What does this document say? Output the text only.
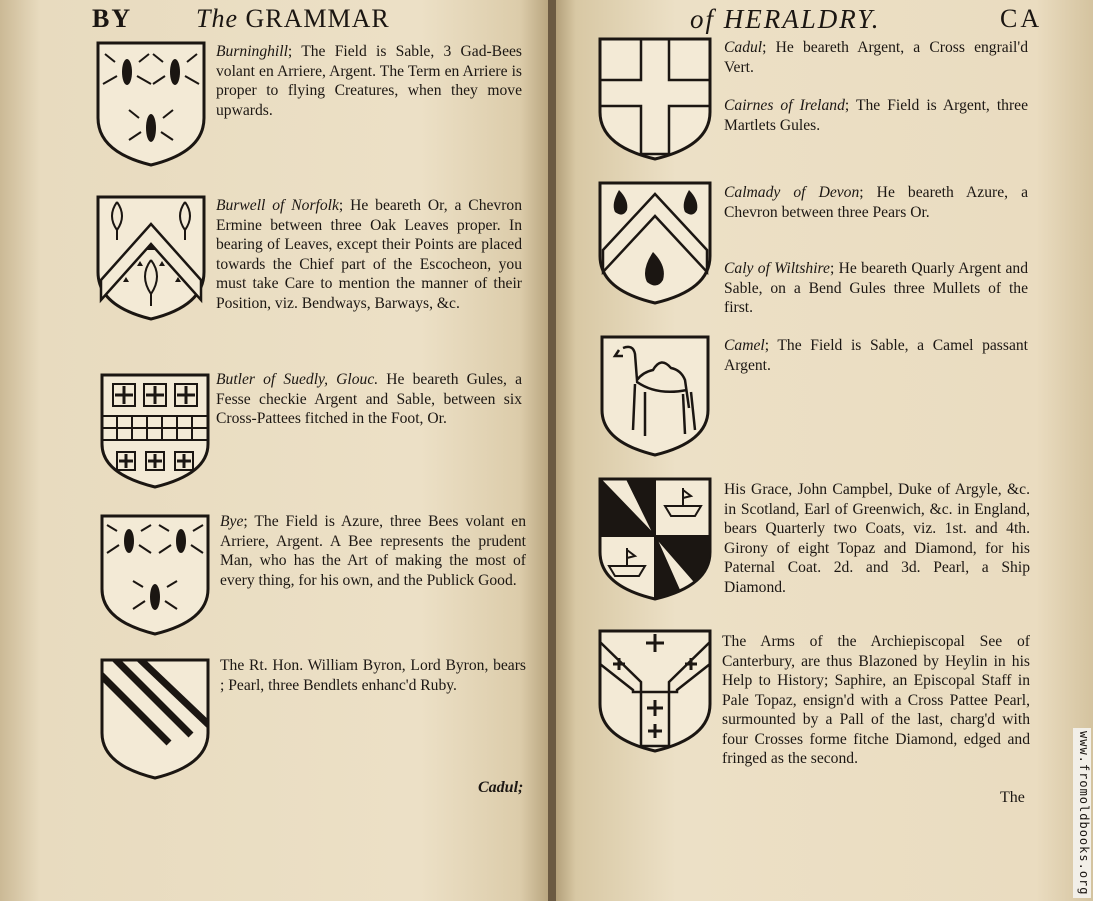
BY The GRAMMAR	of HERALDRY.	CA
Burninghill; The Field is Sable, 3 Gad-Bees volant en Arriere, Argent. The Term en Arriere is proper to flying Creatures, when they move upwards.
Burwell of Norfolk; He beareth Or, a Chevron Ermine between three Oak Leaves proper. In bearing of Leaves, except their Points are placed towards the Chief part of the Escocheon, you must take Care to mention the manner of their Position, viz. Bendways, Barways, &c.
Butler of Suedly, Glouc. He beareth Gules, a Fesse checkie Argent and Sable, between six Cross-Pattees fitched in the Foot, Or.
Bye; The Field is Azure, three Bees volant en Arriere, Argent. A Bee represents the prudent Man, who has the Art of making the most of every thing, for his own, and the Publick Good.
The Rt. Hon. William Byron, Lord Byron, bears ; Pearl, three Bendlets enhanc'd Ruby.
Cadul;
Cadul; He beareth Argent, a Cross engrail'd Vert.
Cairnes of Ireland; The Field is Argent, three Martlets Gules.
Calmady of Devon; He beareth Azure, a Chevron between three Pears Or.
Caly of Wiltshire; He beareth Quarly Argent and Sable, on a Bend Gules three Mullets of the first.
Camel; The Field is Sable, a Camel passant Argent.
His Grace, John Campbel, Duke of Argyle, &c. in Scotland, Earl of Greenwich, &c. in England, bears Quarterly two Coats, viz. 1st. and 4th. Girony of eight Topaz and Diamond, for his Paternal Coat. 2d. and 3d. Pearl, a Ship Diamond.
The Arms of the Archiepiscopal See of Canterbury, are thus Blazoned by Heylin in his Help to History; Saphire, an Episcopal Staff in Pale Topaz, ensign'd with a Cross Pattee Pearl, surmounted by a Pall of the last, charg'd with four Crosses forme fitche Diamond, edged and fringed as the second.
The	www.fromoldbooks.org
